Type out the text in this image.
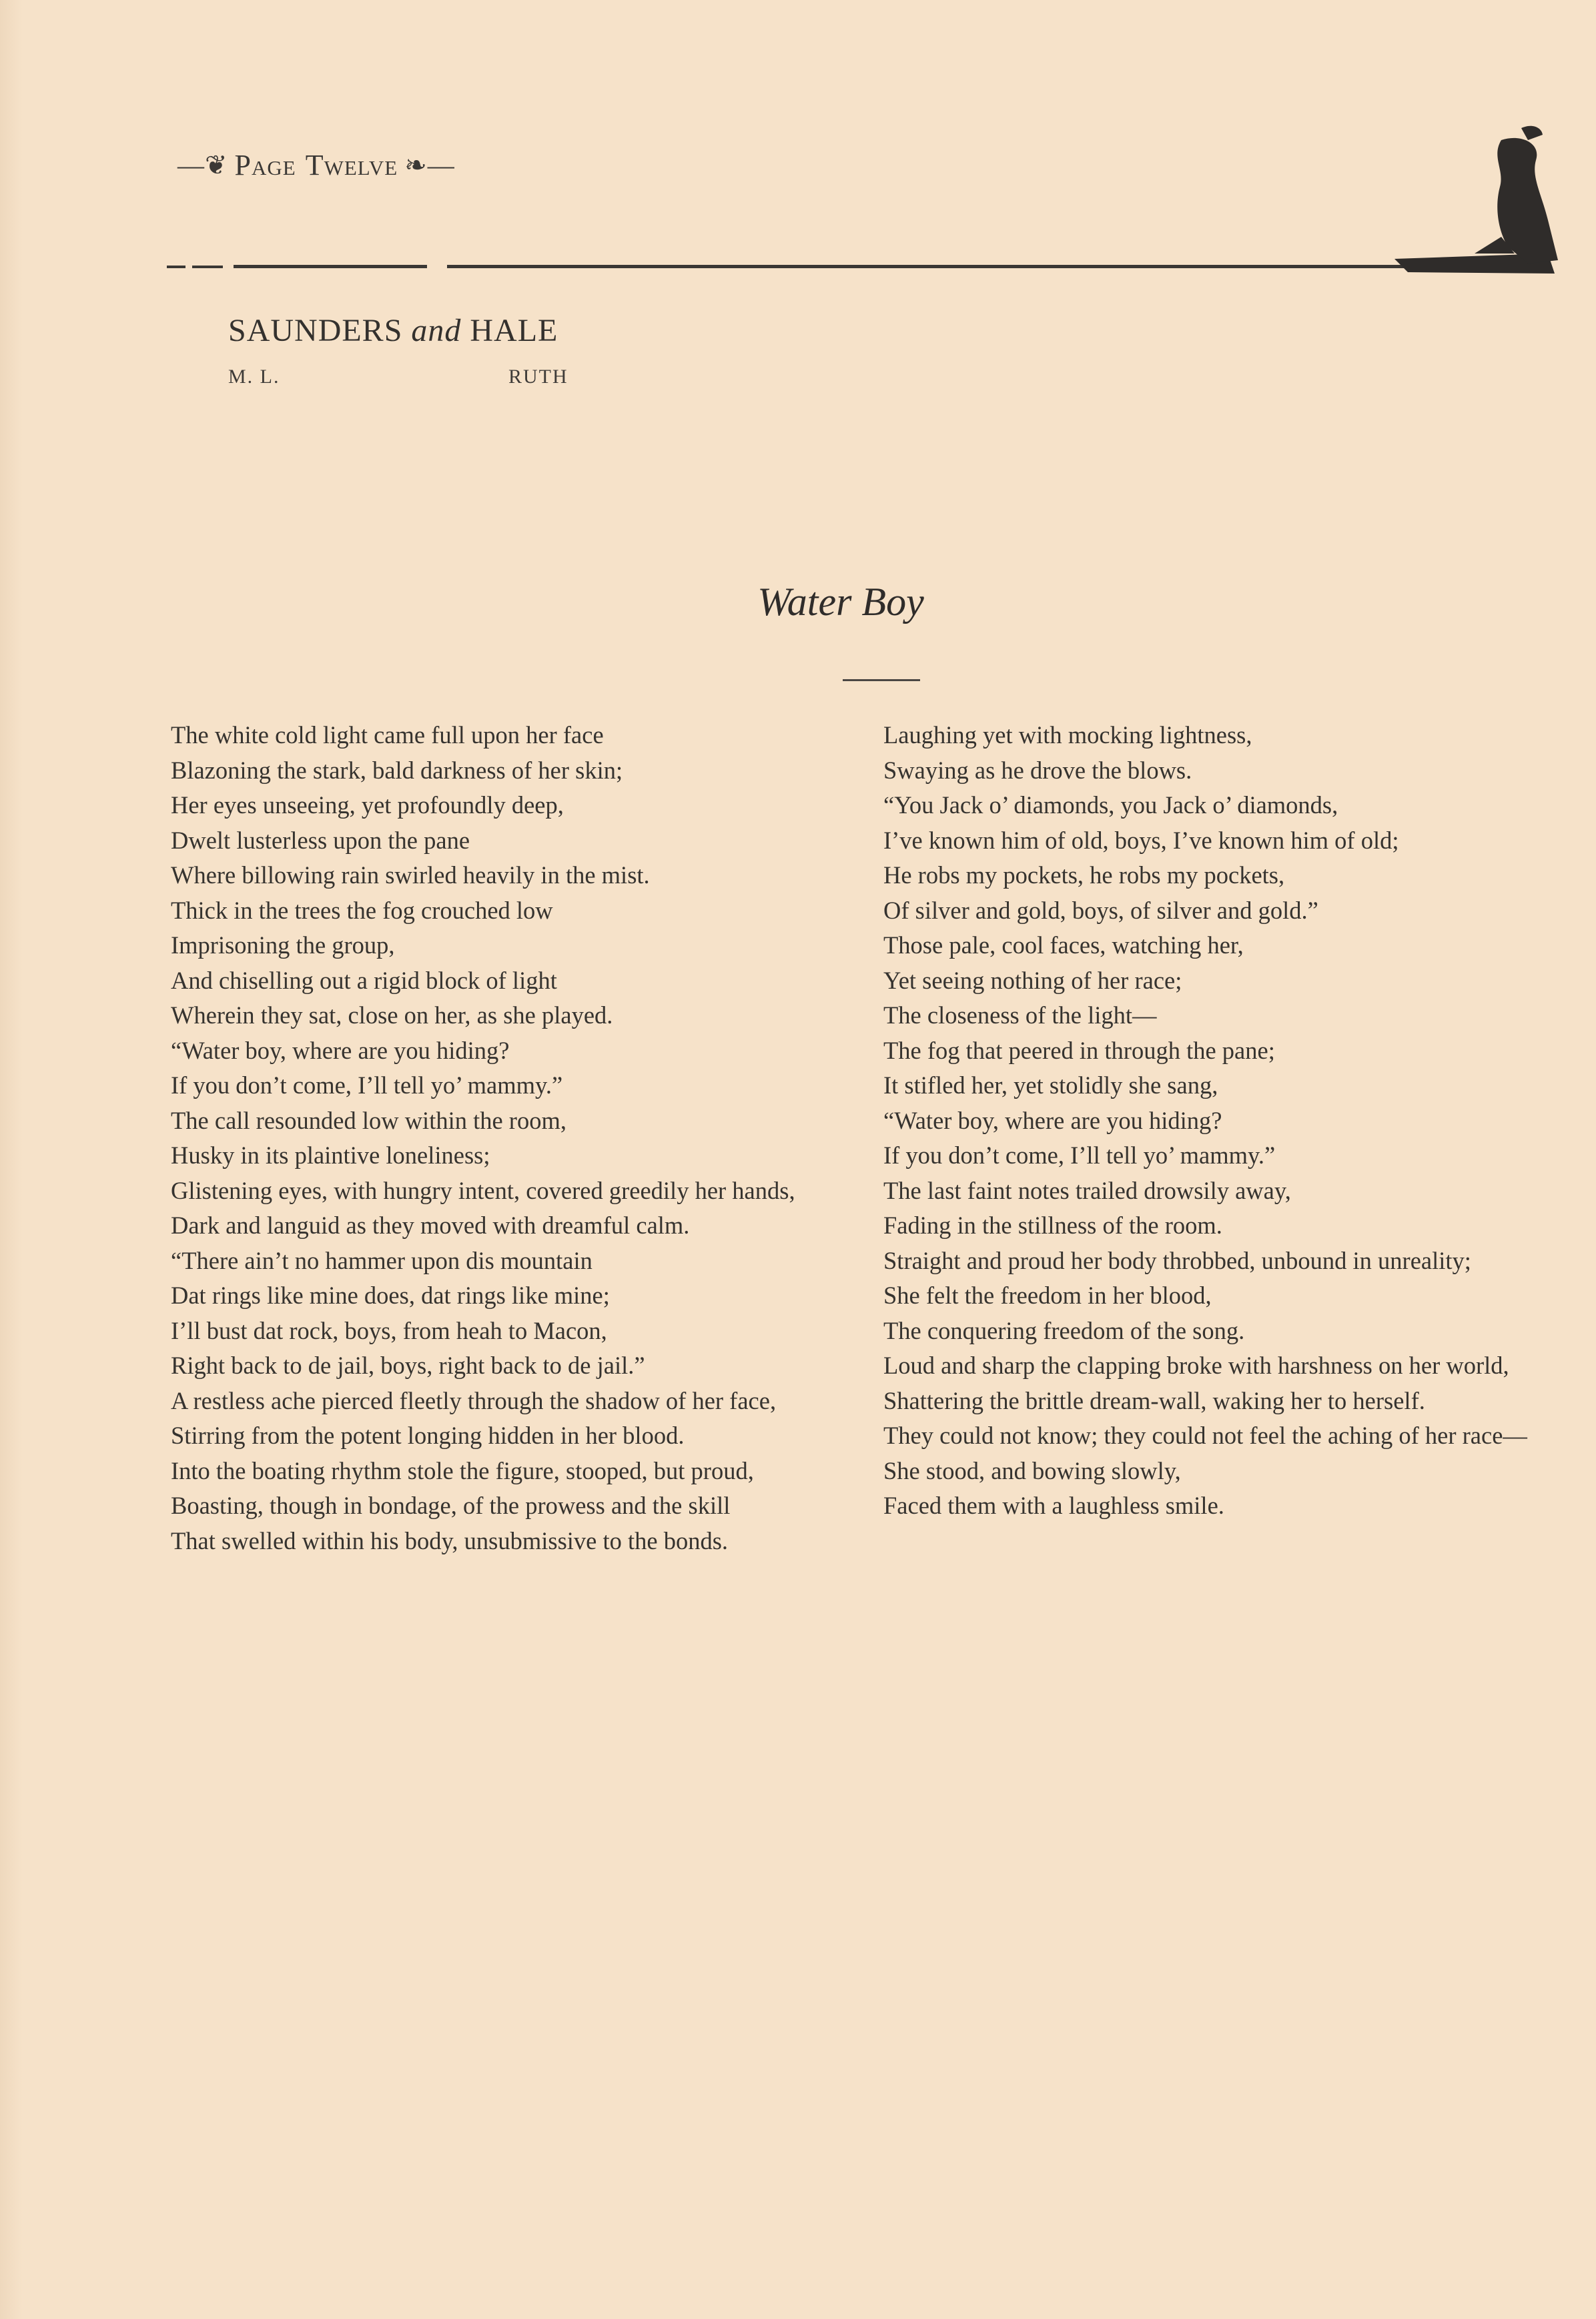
—❦ Page Twelve ❧—
SAUNDERS and HALE
M. L.	RUTH
Water Boy
The white cold light came full upon her face
Blazoning the stark, bald darkness of her skin;
Her eyes unseeing, yet profoundly deep,
Dwelt lusterless upon the pane
Where billowing rain swirled heavily in the mist.
Thick in the trees the fog crouched low
Imprisoning the group,
And chiselling out a rigid block of light
Wherein they sat, close on her, as she played.
“Water boy, where are you hiding?
If you don’t come, I’ll tell yo’ mammy.”
The call resounded low within the room,
Husky in its plaintive loneliness;
Glistening eyes, with hungry intent, covered greedily her hands,
Dark and languid as they moved with dreamful calm.
“There ain’t no hammer upon dis mountain
Dat rings like mine does, dat rings like mine;
I’ll bust dat rock, boys, from heah to Macon,
Right back to de jail, boys, right back to de jail.”
A restless ache pierced fleetly through the shadow of her face,
Stirring from the potent longing hidden in her blood.
Into the boating rhythm stole the figure, stooped, but proud,
Boasting, though in bondage, of the prowess and the skill
That swelled within his body, unsubmissive to the bonds.
Laughing yet with mocking lightness,
Swaying as he drove the blows.
“You Jack o’ diamonds, you Jack o’ diamonds,
I’ve known him of old, boys, I’ve known him of old;
He robs my pockets, he robs my pockets,
Of silver and gold, boys, of silver and gold.”
Those pale, cool faces, watching her,
Yet seeing nothing of her race;
The closeness of the light—
The fog that peered in through the pane;
It stifled her, yet stolidly she sang,
“Water boy, where are you hiding?
If you don’t come, I’ll tell yo’ mammy.”
The last faint notes trailed drowsily away,
Fading in the stillness of the room.
Straight and proud her body throbbed, unbound in unreality;
She felt the freedom in her blood,
The conquering freedom of the song.
Loud and sharp the clapping broke with harshness on her world,
Shattering the brittle dream-wall, waking her to herself.
They could not know; they could not feel the aching of her race—
She stood, and bowing slowly,
Faced them with a laughless smile.
